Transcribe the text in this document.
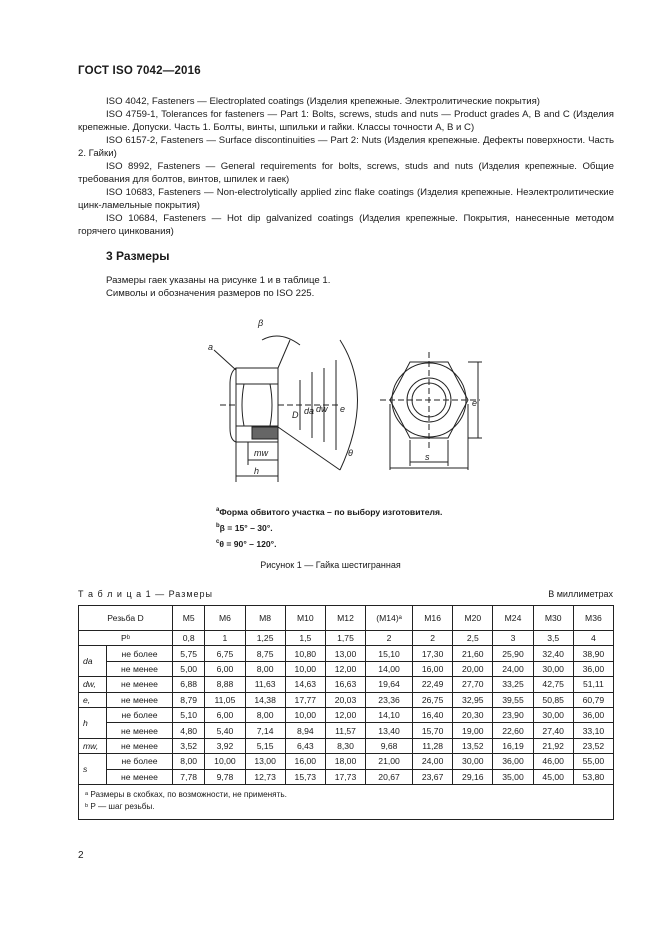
ГОСТ ISO 7042—2016

ISO 4042, Fasteners — Electroplated coatings (Изделия крепежные. Электролитические покрытия)

ISO 4759-1, Tolerances for fasteners — Part 1: Bolts, screws, studs and nuts — Product grades A, B and C (Изделия крепежные. Допуски. Часть 1. Болты, винты, шпильки и гайки. Классы точности A, B и C)

ISO 6157-2, Fasteners — Surface discontinuities — Part 2: Nuts (Изделия крепежные. Дефекты поверхности. Часть 2. Гайки)

ISO 8992, Fasteners — General requirements for bolts, screws, studs and nuts (Изделия крепежные. Общие требования для болтов, винтов, шпилек и гаек)

ISO 10683, Fasteners — Non-electrolytically applied zinc flake coatings (Изделия крепежные. Неэлектролитические цинк-ламельные покрытия)

ISO 10684, Fasteners — Hot dip galvanized coatings (Изделия крепежные. Покрытия, нанесенные методом горячего цинкования)

3 Размеры
Размеры гаек указаны на рисунке 1 и в таблице 1.
Символы и обозначения размеров по ISO 225.
a
D da dw e
mw
h
β
θ
e
s
$^a$Форма обвитого участка – по выбору изготовителя.
$^b$β = 15° – 30°.
$^c$θ = 90° – 120°.
Рисунок 1 — Гайка шестигранная
Т а б л и ц а 1 — Размеры	В миллиметрах
Резьба D		M5	M6	M8	M10	M12	(M14)ᵃ	M16	M20	M24	M30	M36
Pᵇ		0,8	1	1,25	1,5	1,75	2	2	2,5	3	3,5	4
da	не более	5,75	6,75	8,75	10,80	13,00	15,10	17,30	21,60	25,90	32,40	38,90
	не менее	5,00	6,00	8,00	10,00	12,00	14,00	16,00	20,00	24,00	30,00	36,00
dw,	не менее	6,88	8,88	11,63	14,63	16,63	19,64	22,49	27,70	33,25	42,75	51,11
e,	не менее	8,79	11,05	14,38	17,77	20,03	23,36	26,75	32,95	39,55	50,85	60,79
h	не более	5,10	6,00	8,00	10,00	12,00	14,10	16,40	20,30	23,90	30,00	36,00
	не менее	4,80	5,40	7,14	8,94	11,57	13,40	15,70	19,00	22,60	27,40	33,10
mw,	не менее	3,52	3,92	5,15	6,43	8,30	9,68	11,28	13,52	16,19	21,92	23,52
s	не более	8,00	10,00	13,00	16,00	18,00	21,00	24,00	30,00	36,00	46,00	55,00
	не менее	7,78	9,78	12,73	15,73	17,73	20,67	23,67	29,16	35,00	45,00	53,80

ᵃ Размеры в скобках, по возможности, не применять.
ᵇ P — шаг резьбы.												
2
